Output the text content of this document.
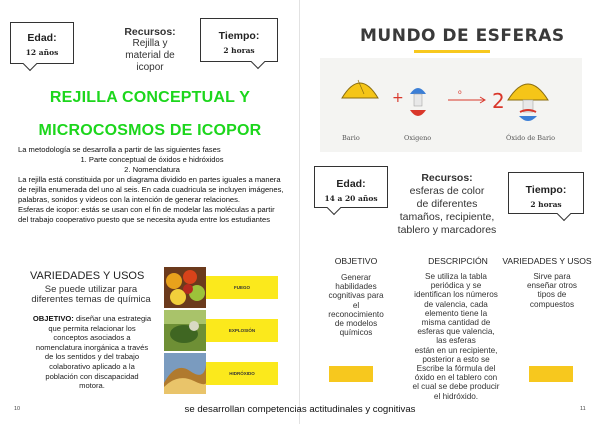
Edad:
12 años
Recursos:
Rejilla y
material de
icopor
Tiempo:
2 horas
REJILLA CONCEPTUAL Y
MICROCOSMOS DE ICOPOR
La metodología se desarrolla a partir de las siguientes fases
1. Parte conceptual de óxidos e hidróxidos
2. Nomenclatura
La rejilla está constituida por un diagrama dividido en partes iguales a manera de rejilla enumerada del uno al seis. En cada cuadricula se incluyen imágenes, palabras, sonidos y videos con la intención de generar relaciones.
Esferas de icopor: estás se usan con el fin de modelar las moléculas a partir del trabajo cooperativo puesto que se necesita ayuda entre los estudiantes
VARIEDADES Y USOS
Se puede utilizar para
diferentes temas de química
OBJETIVO: diseñar una estrategia
que permita relacionar los
conceptos asociados a
nomenclatura inorgánica a través
de los sentidos y del trabajo
colaborativo aplicado a la
población con discapacidad
motora.
FUEGO
EXPLOSIÓN
HIDRÓXIDO
10
MUNDO DE ESFERAS
+	o 2
Bario	Oxigeno	Óxido de Bario
Edad:
14 a 20 años
Recursos:
esferas de color
de diferentes
tamaños, recipiente,
tablero y marcadores
Tiempo:
2 horas
OBJETIVO
Generar
habilidades
cognitivas para
el
reconocimiento
de modelos
químicos
DESCRIPCIÓN
Se utiliza la tabla
periódica y se
identifican los números
de valencia, cada
elemento tiene la
misma cantidad de
esferas que valencia,
las esferas
están en un recipiente,
posterior a esto se
Escribe la fórmula del
óxido en el tablero con
el cual se debe producir
el hidróxido.
VARIEDADES Y USOS
Sirve para
enseñar otros
tipos de
compuestos
11
se desarrollan competencias actitudinales y cognitivas
